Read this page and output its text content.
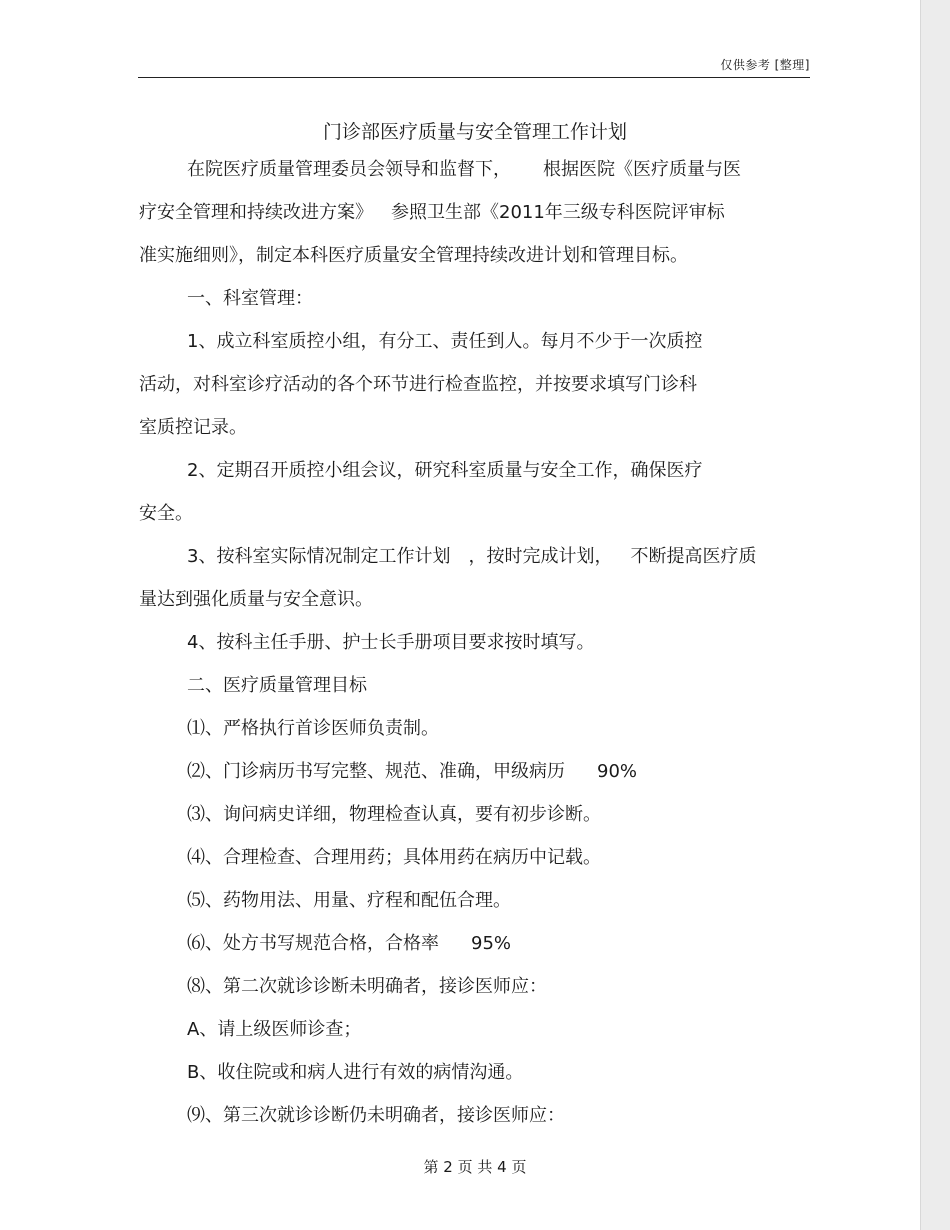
仅供参考 [整理]
门诊部医疗质量与安全管理工作计划
在院医疗质量管理委员会领导和监督下， 根据医院《医疗质量与医
疗安全管理和持续改进方案》 参照卫生部《2011年三级专科医院评审标
准实施细则》，制定本科医疗质量安全管理持续改进计划和管理目标。
一、科室管理：
1、成立科室质控小组，有分工、责任到人。每月不少于一次质控
活动，对科室诊疗活动的各个环节进行检查监控，并按要求填写门诊科
室质控记录。
2、定期召开质控小组会议，研究科室质量与安全工作，确保医疗
安全。
3、按科室实际情况制定工作计划 ，按时完成计划， 不断提高医疗质
量达到强化质量与安全意识。
4、按科主任手册、护士长手册项目要求按时填写。
二、医疗质量管理目标
⑴、严格执行首诊医师负责制。
⑵、门诊病历书写完整、规范、准确，甲级病历 90%
⑶、询问病史详细，物理检查认真，要有初步诊断。
⑷、合理检查、合理用药；具体用药在病历中记载。
⑸、药物用法、用量、疗程和配伍合理。
⑹、处方书写规范合格，合格率 95%
⑻、第二次就诊诊断未明确者，接诊医师应：
A、请上级医师诊查；
B、收住院或和病人进行有效的病情沟通。
⑼、第三次就诊诊断仍未明确者，接诊医师应：
第 2 页 共 4 页
